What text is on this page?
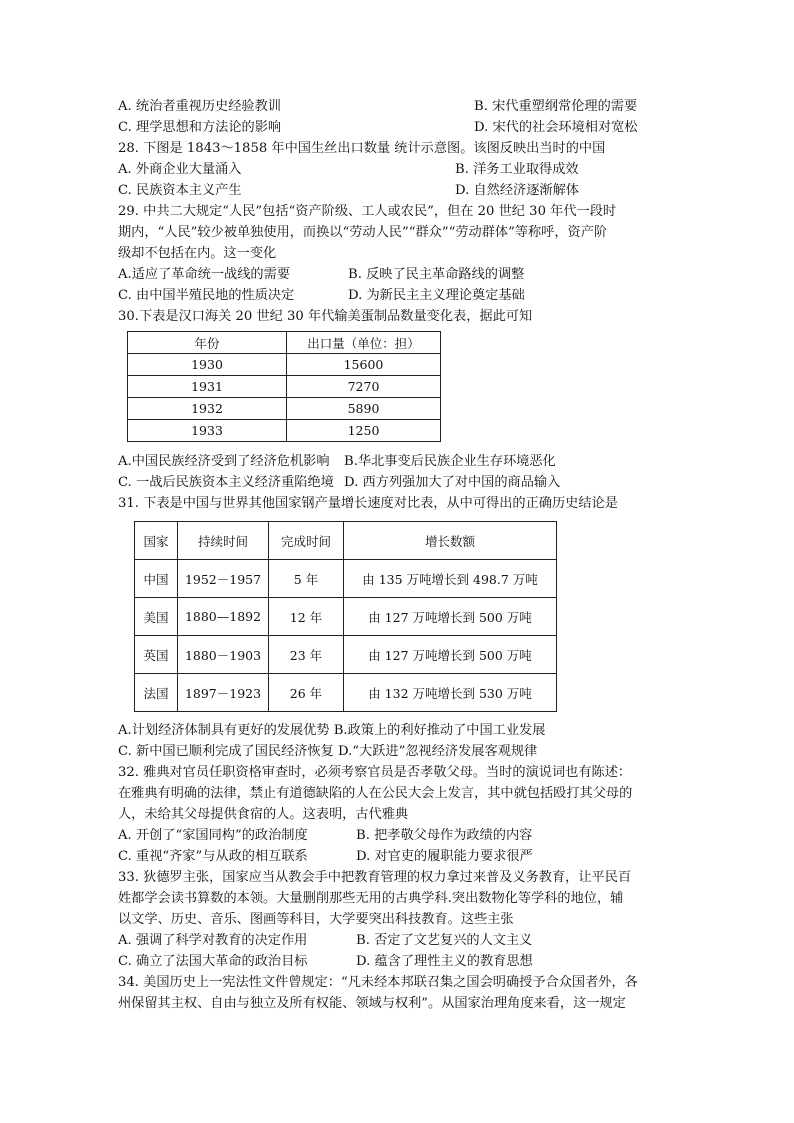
A. 统治者重视历史经验教训	B. 宋代重塑纲常伦理的需要
C. 理学思想和方法论的影响	D. 宋代的社会环境相对宽松
28. 下图是 1843～1858 年中国生丝出口数量 统计示意图。该图反映出当时的中国
A. 外商企业大量涌入	B. 洋务工业取得成效
C. 民族资本主义产生	D. 自然经济逐渐解体
29. 中共二大规定“人民”包括“资产阶级、工人或农民”，但在 20 世纪 30 年代一段时
期内，“人民”较少被单独使用，而换以“劳动人民”“群众”“劳动群体”等称呼，资产阶
级却不包括在内。这一变化
A.适应了革命统一战线的需要	B. 反映了民主革命路线的调整
C. 由中国半殖民地的性质决定	D. 为新民主主义理论奠定基础
30.下表是汉口海关 20 世纪 30 年代输美蛋制品数量变化表，据此可知
年份	出口量（单位：担）
1930	15600
1931	7270
1932	5890
1933	1250
A.中国民族经济受到了经济危机影响 B.华北事变后民族企业生存环境恶化
C. 一战后民族资本主义经济重陷绝境 D. 西方列强加大了对中国的商品输入
31. 下表是中国与世界其他国家钢产量增长速度对比表，从中可得出的正确历史结论是
国家	持续时间	完成时间	增长数额
中国	1952－1957	5 年	由 135 万吨增长到 498.7 万吨
美国	1880—1892	12 年	由 127 万吨增长到 500 万吨
英国	1880－1903	23 年	由 127 万吨增长到 500 万吨
法国	1897－1923	26 年	由 132 万吨增长到 530 万吨
A.计划经济体制具有更好的发展优势 B.政策上的利好推动了中国工业发展
C. 新中国已顺利完成了国民经济恢复 D.“大跃进”忽视经济发展客观规律
32. 雅典对官员任职资格审查时，必须考察官员是否孝敬父母。当时的演说词也有陈述：
在雅典有明确的法律，禁止有道德缺陷的人在公民大会上发言，其中就包括殴打其父母的
人，未给其父母提供食宿的人。这表明，古代雅典
A. 开创了“家国同构”的政治制度	B. 把孝敬父母作为政绩的内容
C. 重视“齐家”与从政的相互联系	D. 对官吏的履职能力要求很严
33. 狄德罗主张，国家应当从教会手中把教育管理的权力拿过来普及义务教育，让平民百
姓都学会读书算数的本领。大量删削那些无用的古典学科.突出数物化等学科的地位，辅
以文学、历史、音乐、图画等科目，大学要突出科技教育。这些主张
A. 强调了科学对教育的决定作用	B. 否定了文艺复兴的人文主义
C. 确立了法国大革命的政治目标	D. 蕴含了理性主义的教育思想
34. 美国历史上一宪法性文件曾规定：“凡未经本邦联召集之国会明确授予合众国者外，各
州保留其主权、自由与独立及所有权能、领域与权利”。从国家治理角度来看，这一规定
